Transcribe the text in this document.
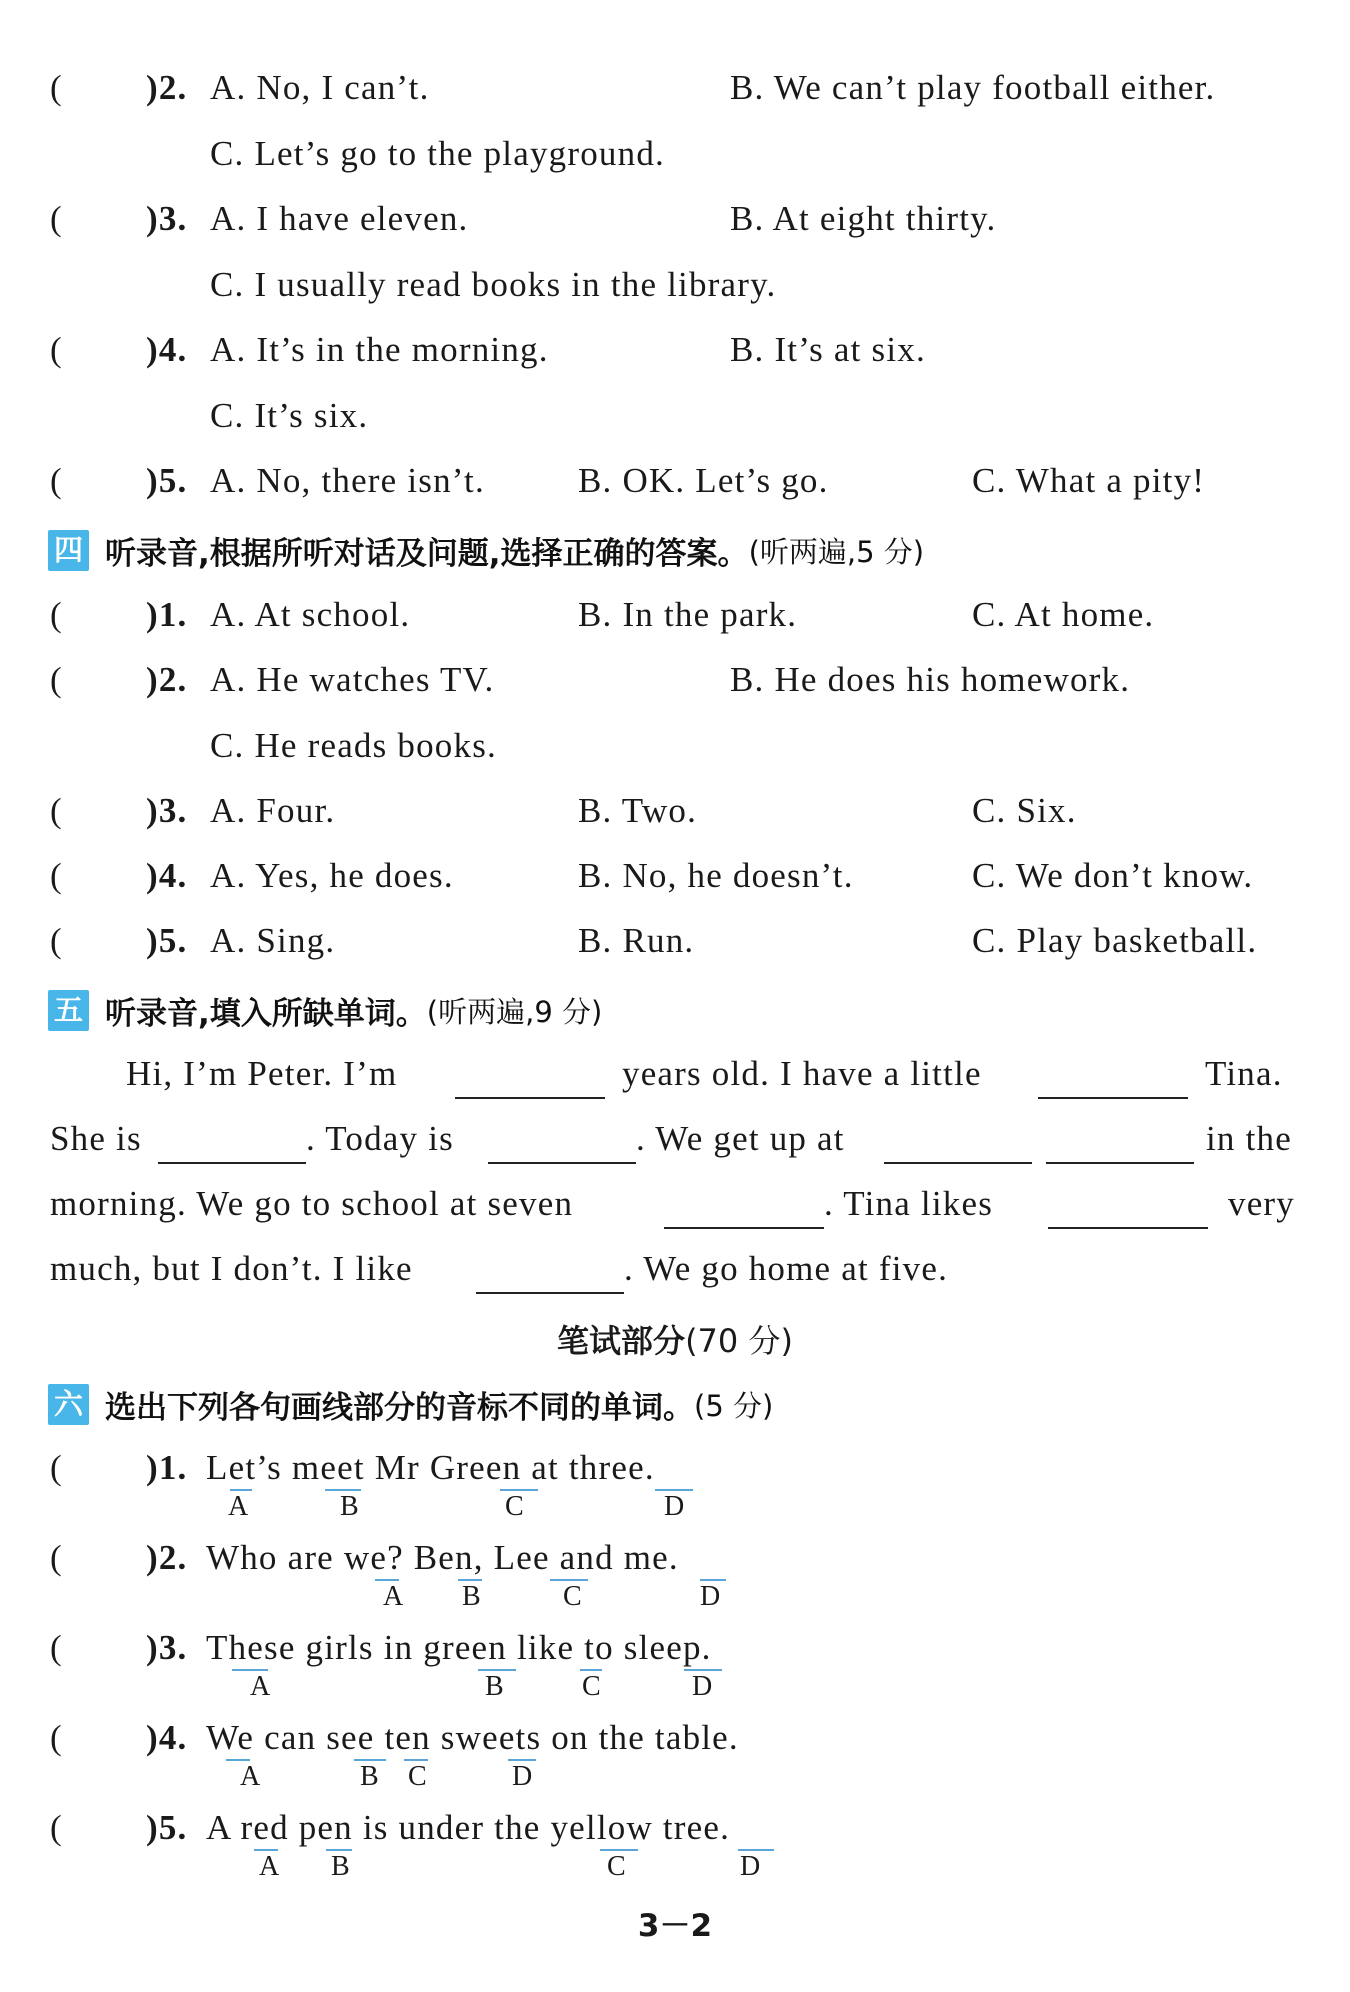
( )2. A. No, I can’t.	B. We can’t play football either.
C. Let’s go to the playground.
( )3. A. I have eleven.	B. At eight thirty.
C. I usually read books in the library.
( )4. A. It’s in the morning.	B. It’s at six.
C. It’s six.
( )5. A. No, there isn’t.	B. OK. Let’s go.	C. What a pity!
四 听录音,根据所听对话及问题,选择正确的答案。 (听两遍,5 分)
( )1. A. At school.	B. In the park.	C. At home.
( )2. A. He watches TV.	B. He does his homework.
C. He reads books.
( )3. A. Four.	B. Two.	C. Six.
( )4. A. Yes, he does.	B. No, he doesn’t.	C. We don’t know.
( )5. A. Sing.	B. Run.	C. Play basketball.
五 听录音,填入所缺单词。 (听两遍,9 分)
Hi, I’m Peter. I’m	years old. I have a little	Tina.
She is	. Today is	. We get up at	in the
morning. We go to school at seven	. Tina likes	very
much, but I don’t. I like	. We go home at five.
笔试部分(70 分)
六 选出下列各句画线部分的音标不同的单词。 (5 分)
( )1. Let’s meet Mr Green at three.
A	B	C	D
( )2. Who are we? Ben, Lee and me.
A B	C	D
( )3. These girls in green like to sleep.
A	B	C	D
( )4. We can see ten sweets on the table.
A	B C	D
( )5. A red pen is under the yellow tree.
A B	C	D
3－2
